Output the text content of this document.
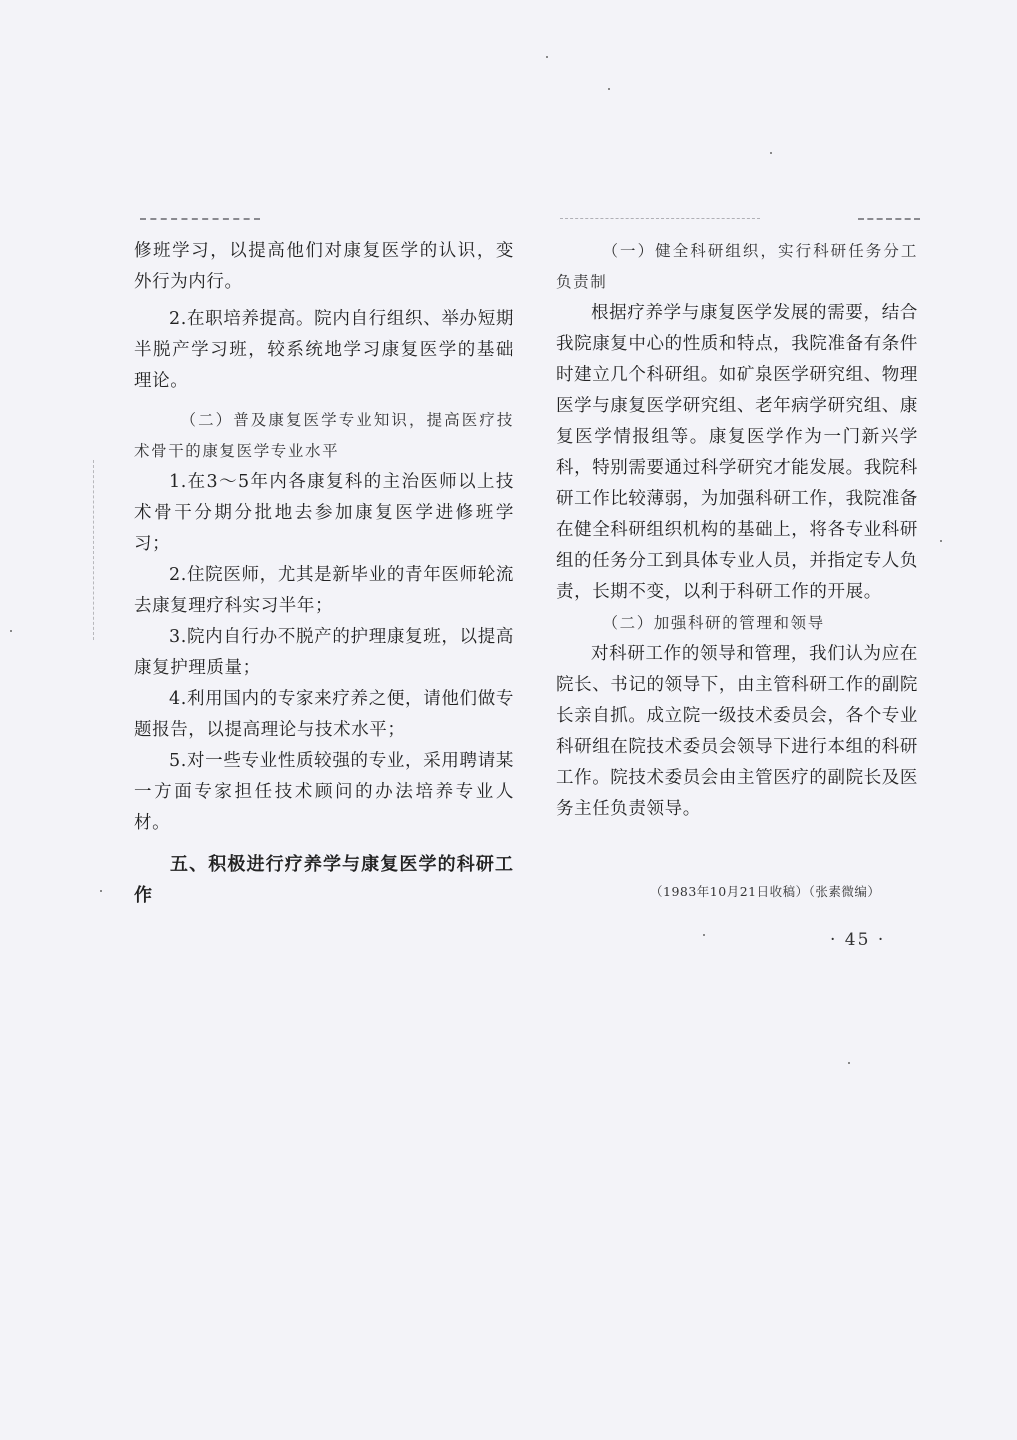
修班学习，以提高他们对康复医学的认识，变外行为内行。

2.在职培养提高。院内自行组织、举办短期半脱产学习班，较系统地学习康复医学的基础理论。

（二）普及康复医学专业知识，提高医疗技术骨干的康复医学专业水平

1.在3～5年内各康复科的主治医师以上技术骨干分期分批地去参加康复医学进修班学习；

2.住院医师，尤其是新毕业的青年医师轮流去康复理疗科实习半年；

3.院内自行办不脱产的护理康复班，以提高康复护理质量；

4.利用国内的专家来疗养之便，请他们做专题报告，以提高理论与技术水平；

5.对一些专业性质较强的专业，采用聘请某一方面专家担任技术顾问的办法培养专业人材。

五、积极进行疗养学与康复医学的科研工作

（一）健全科研组织，实行科研任务分工负责制

根据疗养学与康复医学发展的需要，结合我院康复中心的性质和特点，我院准备有条件时建立几个科研组。如矿泉医学研究组、物理医学与康复医学研究组、老年病学研究组、康复医学情报组等。康复医学作为一门新兴学科，特别需要通过科学研究才能发展。我院科研工作比较薄弱，为加强科研工作，我院准备在健全科研组织机构的基础上，将各专业科研组的任务分工到具体专业人员，并指定专人负责，长期不变，以利于科研工作的开展。

（二）加强科研的管理和领导

对科研工作的领导和管理，我们认为应在院长、书记的领导下，由主管科研工作的副院长亲自抓。成立院一级技术委员会，各个专业科研组在院技术委员会领导下进行本组的科研工作。院技术委员会由主管医疗的副院长及医务主任负责领导。

（1983年10月21日收稿）（张素微编）
· 45 ·
